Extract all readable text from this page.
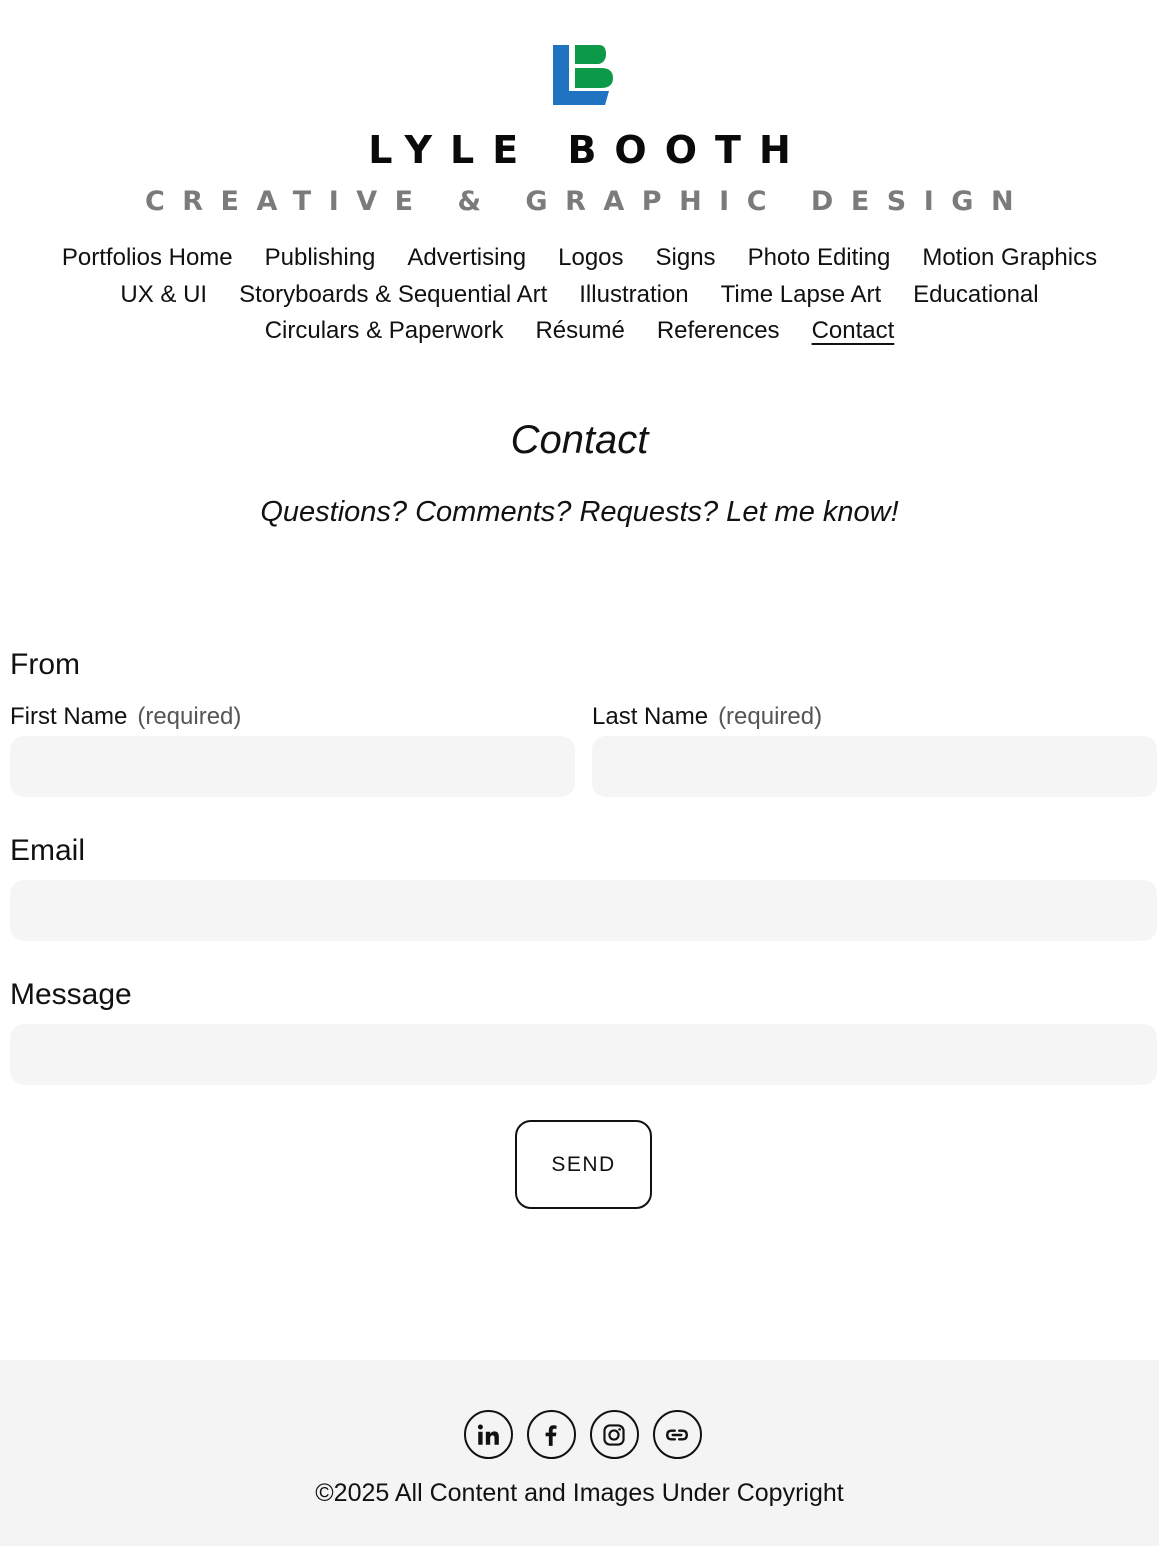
LYLE BOOTH
CREATIVE & GRAPHIC DESIGN
Portfolios Home Publishing Advertising Logos Signs Photo Editing Motion Graphics
UX & UI Storyboards & Sequential Art Illustration Time Lapse Art Educational
Circulars & Paperwork Résumé References Contact
Contact

Questions? Comments? Requests? Let me know!

From
First Name (required)	Last Name (required)
Email
Message
SEND
©2025 All Content and Images Under Copyright
